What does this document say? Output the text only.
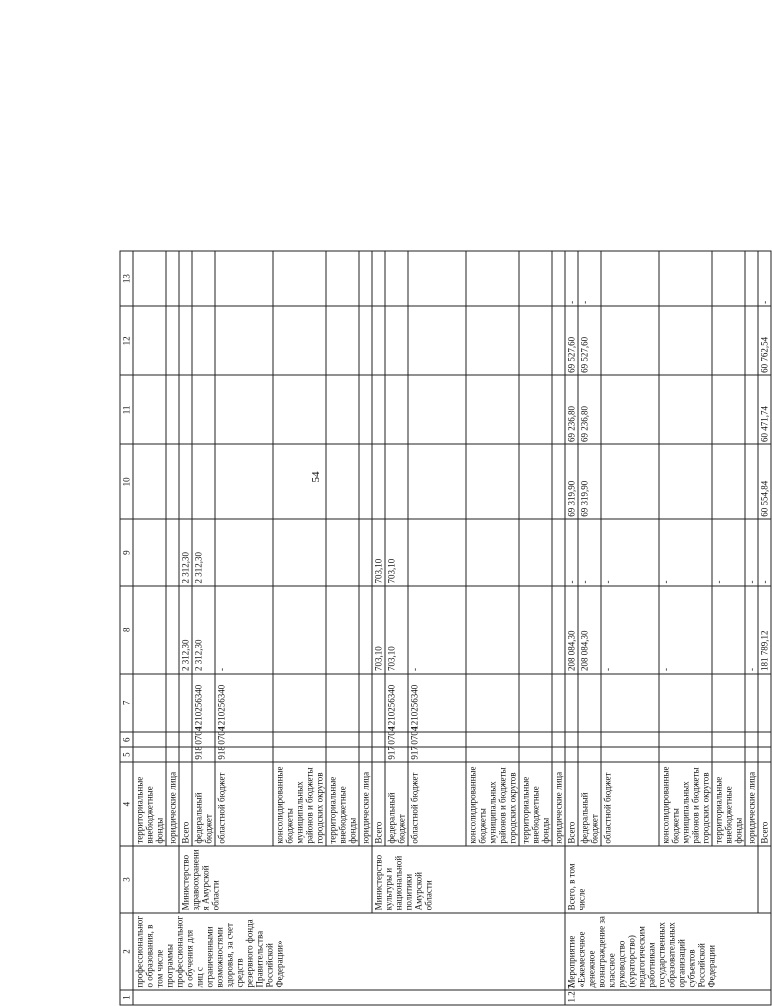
54
1	2	3	4	5	6	7	8	9	10	11	12	13
	профессионального образования, в том числе программы профессионального обучения для лиц с ограниченными возможностями здоровья, за счет средств резервного фонда Правительства Российской Федерации»		территориальные внебюджетные фонды									
			юридические лица									
		Министерство здравоохранения Амурской области	Всего				2 312,30	2 312,30				
			федеральный бюджет	918	0704	1210256340	2 312,30	2 312,30				
			областной бюджет	918	0704	1210256340	-					
			консолидированные бюджеты муниципальных районов и бюджеты городских округов									
			территориальные внебюджетные фонды									
			юридические лица									
		Министерство культуры и национальной политики Амурской области	Всего				703,10	703,10				
			федеральный бюджет	917	0704	1210256340	703,10	703,10				
			областной бюджет	917	0704	1210256340	-					
			консолидированные бюджеты муниципальных районов и бюджеты городских округов									
			территориальные внебюджетные фонды									
			юридические лица									
1.2.7.	Мероприятие «Ежемесячное денежное вознаграждение за классное руководство (кураторство) педагогическим работникам государственных образовательных организаций субъектов Российской Федерации	Всего, в том числе	Всего				208 084,30	-	69 319,90	69 236,80	69 527,60	-
			федеральный бюджет				208 084,30	-	69 319,90	69 236,80	69 527,60	-
			областной бюджет				-	-				
			консолидированные бюджеты муниципальных районов и бюджеты городских округов				-	-				
			территориальные внебюджетные фонды					-				
			юридические лица				-	-				
			Всего				181 789,12	-	60 554,84	60 471,74	60 762,54	-
